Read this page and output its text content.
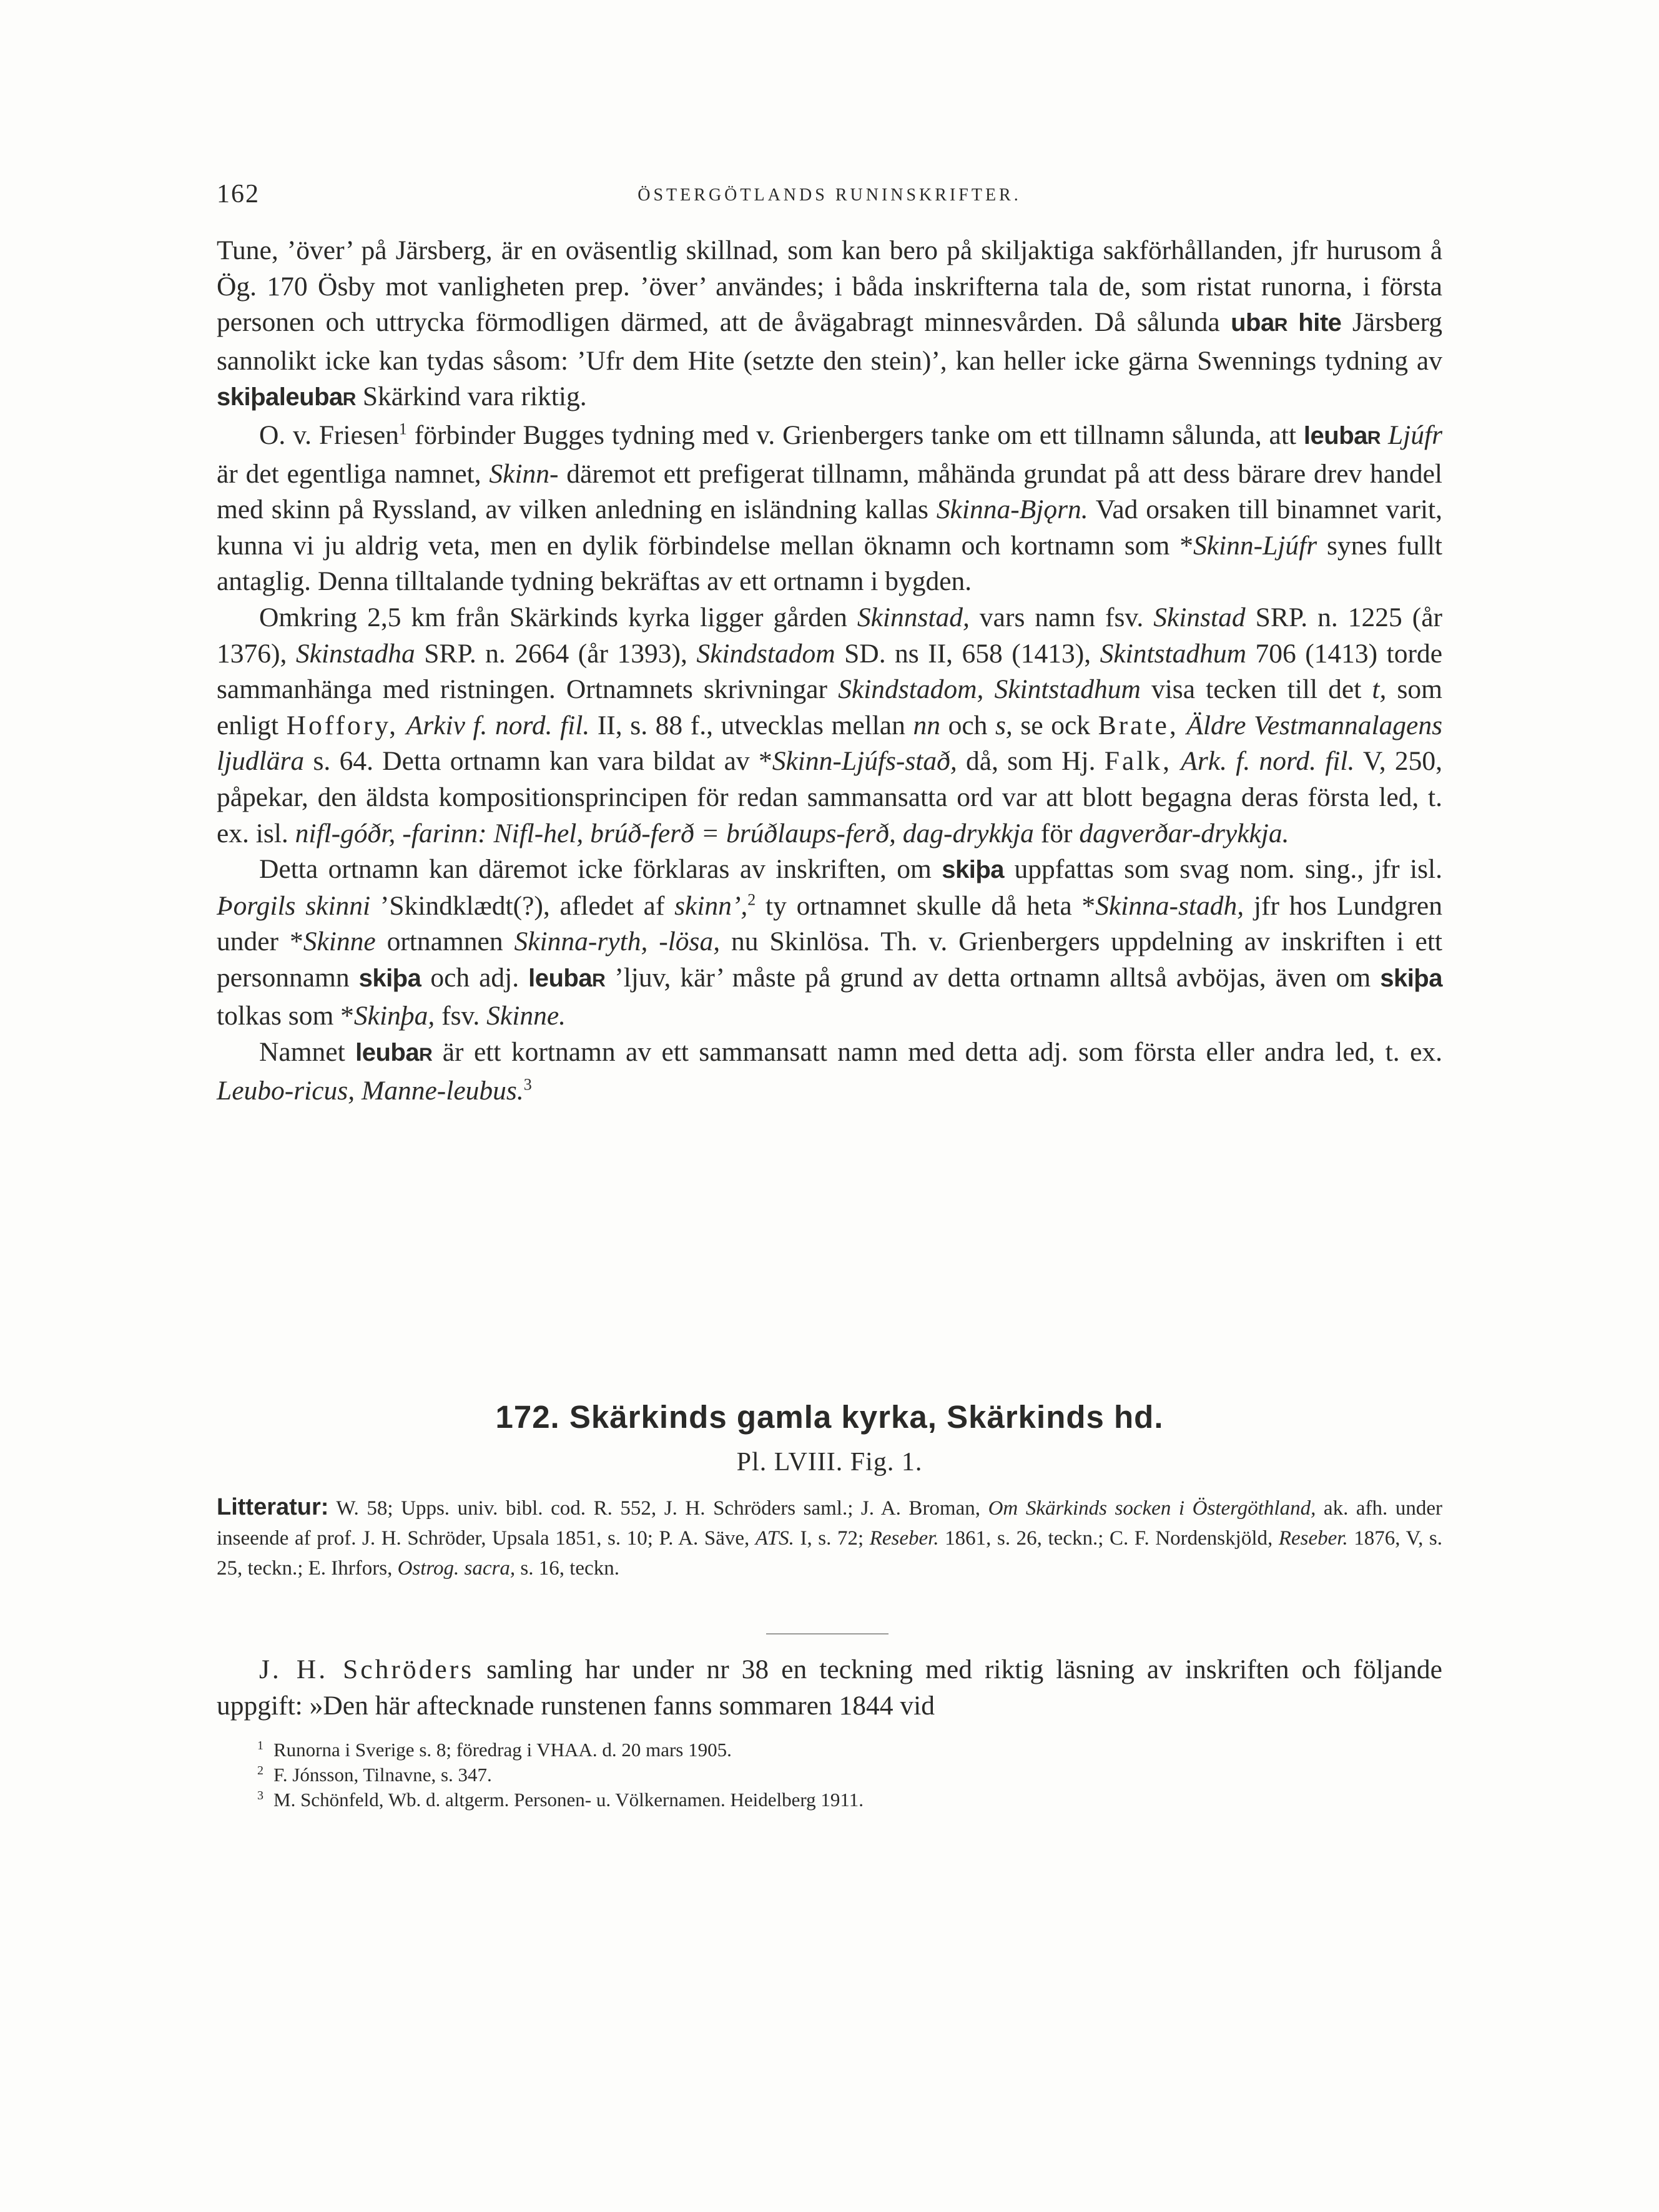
162	ÖSTERGÖTLANDS RUNINSKRIFTER.

Tune, ’över’ på Järsberg, är en oväsentlig skillnad, som kan bero på skiljaktiga sakförhållanden, jfr hurusom å Ög. 170 Ösby mot vanligheten prep. ’över’ användes; i båda inskrifterna tala de, som ristat runorna, i första personen och uttrycka förmodligen därmed, att de åvägabragt minnesvården. Då sålunda ubaR hite Järsberg sannolikt icke kan tydas såsom: ’Ufr dem Hite (setzte den stein)’, kan heller icke gärna Swennings tydning av skiþaleubaR Skärkind vara riktig.

O. v. Friesen$^1$ förbinder Bugges tydning med v. Grienbergers tanke om ett tillnamn sålunda, att leubaR Ljúfr är det egentliga namnet, Skinn- däremot ett prefigerat tillnamn, måhända grundat på att dess bärare drev handel med skinn på Ryssland, av vilken anledning en isländning kallas Skinna-Bjǫrn. Vad orsaken till binamnet varit, kunna vi ju aldrig veta, men en dylik förbindelse mellan öknamn och kortnamn som *Skinn-Ljúfr synes fullt antaglig. Denna tilltalande tydning bekräftas av ett ortnamn i bygden.

Omkring 2,5 km från Skärkinds kyrka ligger gården Skinnstad, vars namn fsv. Skinstad SRP. n. 1225 (år 1376), Skinstadha SRP. n. 2664 (år 1393), Skindstadom SD. ns II, 658 (1413), Skintstadhum 706 (1413) torde sammanhänga med ristningen. Ortnamnets skrivningar Skindstadom, Skintstadhum visa tecken till det t, som enligt Hoffory, Arkiv f. nord. fil. II, s. 88 f., utvecklas mellan nn och s, se ock Brate, Äldre Vestmannalagens ljudlära s. 64. Detta ortnamn kan vara bildat av *Skinn-Ljúfs-stað, då, som Hj. Falk, Ark. f. nord. fil. V, 250, påpekar, den äldsta kompositionsprincipen för redan sammansatta ord var att blott begagna deras första led, t. ex. isl. nifl-góðr, -farinn: Nifl-hel, brúð-ferð = brúðlaups-ferð, dag-drykkja för dagverðar-drykkja.

Detta ortnamn kan däremot icke förklaras av inskriften, om skiþa uppfattas som svag nom. sing., jfr isl. Þorgils skinni ’Skindklædt(?), afledet af skinn’,$^2$ ty ortnamnet skulle då heta *Skinna-stadh, jfr hos Lundgren under *Skinne ortnamnen Skinna-ryth, -lösa, nu Skinlösa. Th. v. Grienbergers uppdelning av inskriften i ett personnamn skiþa och adj. leubaR ’ljuv, kär’ måste på grund av detta ortnamn alltså avböjas, även om skiþa tolkas som *Skinþa, fsv. Skinne.

Namnet leubaR är ett kortnamn av ett sammansatt namn med detta adj. som första eller andra led, t. ex. Leubo-ricus, Manne-leubus.$^3$

172. Skärkinds gamla kyrka, Skärkinds hd.
Pl. LVIII. Fig. 1.
Litteratur: W. 58; Upps. univ. bibl. cod. R. 552, J. H. Schröders saml.; J. A. Broman, Om Skärkinds socken i Östergöthland, ak. afh. under inseende af prof. J. H. Schröder, Upsala 1851, s. 10; P. A. Säve, ATS. I, s. 72; Reseber. 1861, s. 26, teckn.; C. F. Nordenskjöld, Reseber. 1876, V, s. 25, teckn.; E. Ihrfors, Ostrog. sacra, s. 16, teckn.

J. H. Schröders samling har under nr 38 en teckning med riktig läsning av inskriften och följande uppgift: »Den här aftecknade runstenen fanns sommaren 1844 vid

$^1$ Runorna i Sverige s. 8; föredrag i VHAA. d. 20 mars 1905.
$^2$ F. Jónsson, Tilnavne, s. 347.
$^3$ M. Schönfeld, Wb. d. altgerm. Personen- u. Völkernamen. Heidelberg 1911.
